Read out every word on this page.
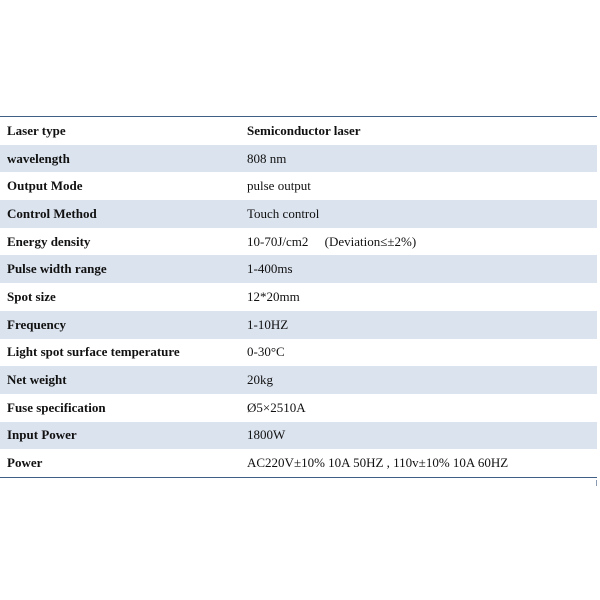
Laser type	Semiconductor laser
wavelength	808 nm
Output Mode	pulse output
Control Method	Touch control
Energy density	10-70J/cm2     (Deviation≤±2%)
Pulse width range	1-400ms
Spot size	12*20mm
Frequency	1-10HZ
Light spot surface temperature	0-30°C
Net weight	20kg
Fuse specification	Ø5×2510A
Input Power	1800W
Power	AC220V±10% 10A 50HZ , 110v±10% 10A 60HZ
